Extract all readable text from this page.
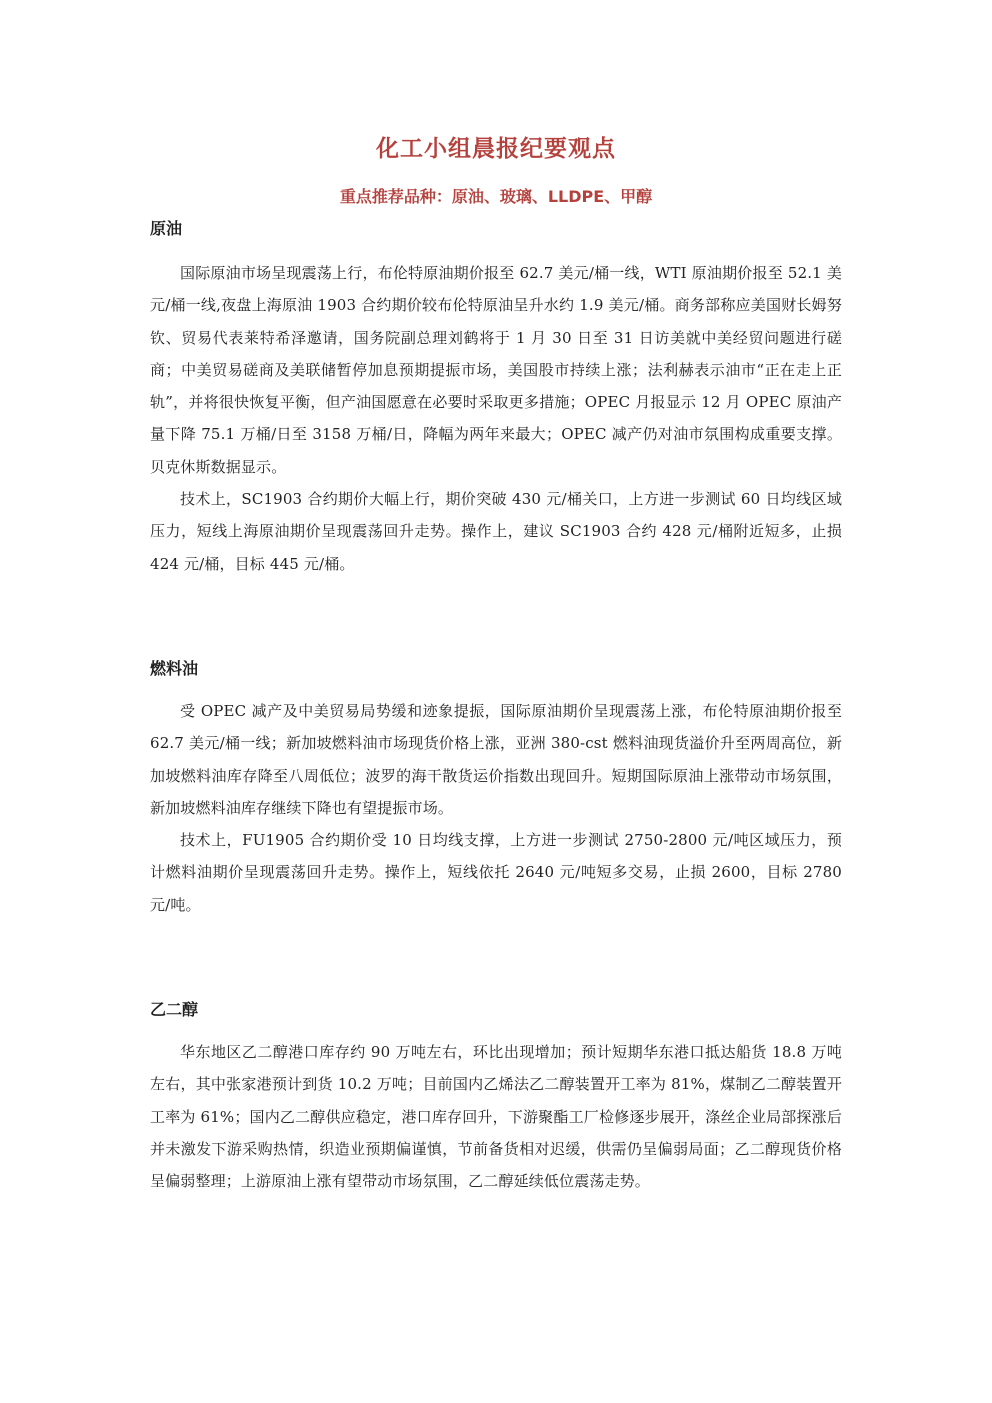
化工小组晨报纪要观点
重点推荐品种：原油、玻璃、LLDPE、甲醇
原油

国际原油市场呈现震荡上行，布伦特原油期价报至 62.7 美元/桶一线，WTI 原油期价报至 52.1 美元/桶一线,夜盘上海原油 1903 合约期价较布伦特原油呈升水约 1.9 美元/桶。商务部称应美国财长姆努钦、贸易代表莱特希泽邀请，国务院副总理刘鹤将于 1 月 30 日至 31 日访美就中美经贸问题进行磋商；中美贸易磋商及美联储暂停加息预期提振市场，美国股市持续上涨；法利赫表示油市“正在走上正轨”，并将很快恢复平衡，但产油国愿意在必要时采取更多措施；OPEC 月报显示 12 月 OPEC 原油产量下降 75.1 万桶/日至 3158 万桶/日，降幅为两年来最大；OPEC 减产仍对油市氛围构成重要支撑。贝克休斯数据显示。

技术上，SC1903 合约期价大幅上行，期价突破 430 元/桶关口，上方进一步测试 60 日均线区域压力，短线上海原油期价呈现震荡回升走势。操作上，建议 SC1903 合约 428 元/桶附近短多，止损 424 元/桶，目标 445 元/桶。

燃料油

受 OPEC 减产及中美贸易局势缓和迹象提振，国际原油期价呈现震荡上涨，布伦特原油期价报至 62.7 美元/桶一线；新加坡燃料油市场现货价格上涨，亚洲 380-cst 燃料油现货溢价升至两周高位，新加坡燃料油库存降至八周低位；波罗的海干散货运价指数出现回升。短期国际原油上涨带动市场氛围，新加坡燃料油库存继续下降也有望提振市场。

技术上，FU1905 合约期价受 10 日均线支撑，上方进一步测试 2750-2800 元/吨区域压力，预计燃料油期价呈现震荡回升走势。操作上，短线依托 2640 元/吨短多交易，止损 2600，目标 2780 元/吨。

乙二醇

华东地区乙二醇港口库存约 90 万吨左右，环比出现增加；预计短期华东港口抵达船货 18.8 万吨左右，其中张家港预计到货 10.2 万吨；目前国内乙烯法乙二醇装置开工率为 81%，煤制乙二醇装置开工率为 61%；国内乙二醇供应稳定，港口库存回升，下游聚酯工厂检修逐步展开，涤丝企业局部探涨后并未激发下游采购热情，织造业预期偏谨慎，节前备货相对迟缓，供需仍呈偏弱局面；乙二醇现货价格呈偏弱整理；上游原油上涨有望带动市场氛围，乙二醇延续低位震荡走势。
